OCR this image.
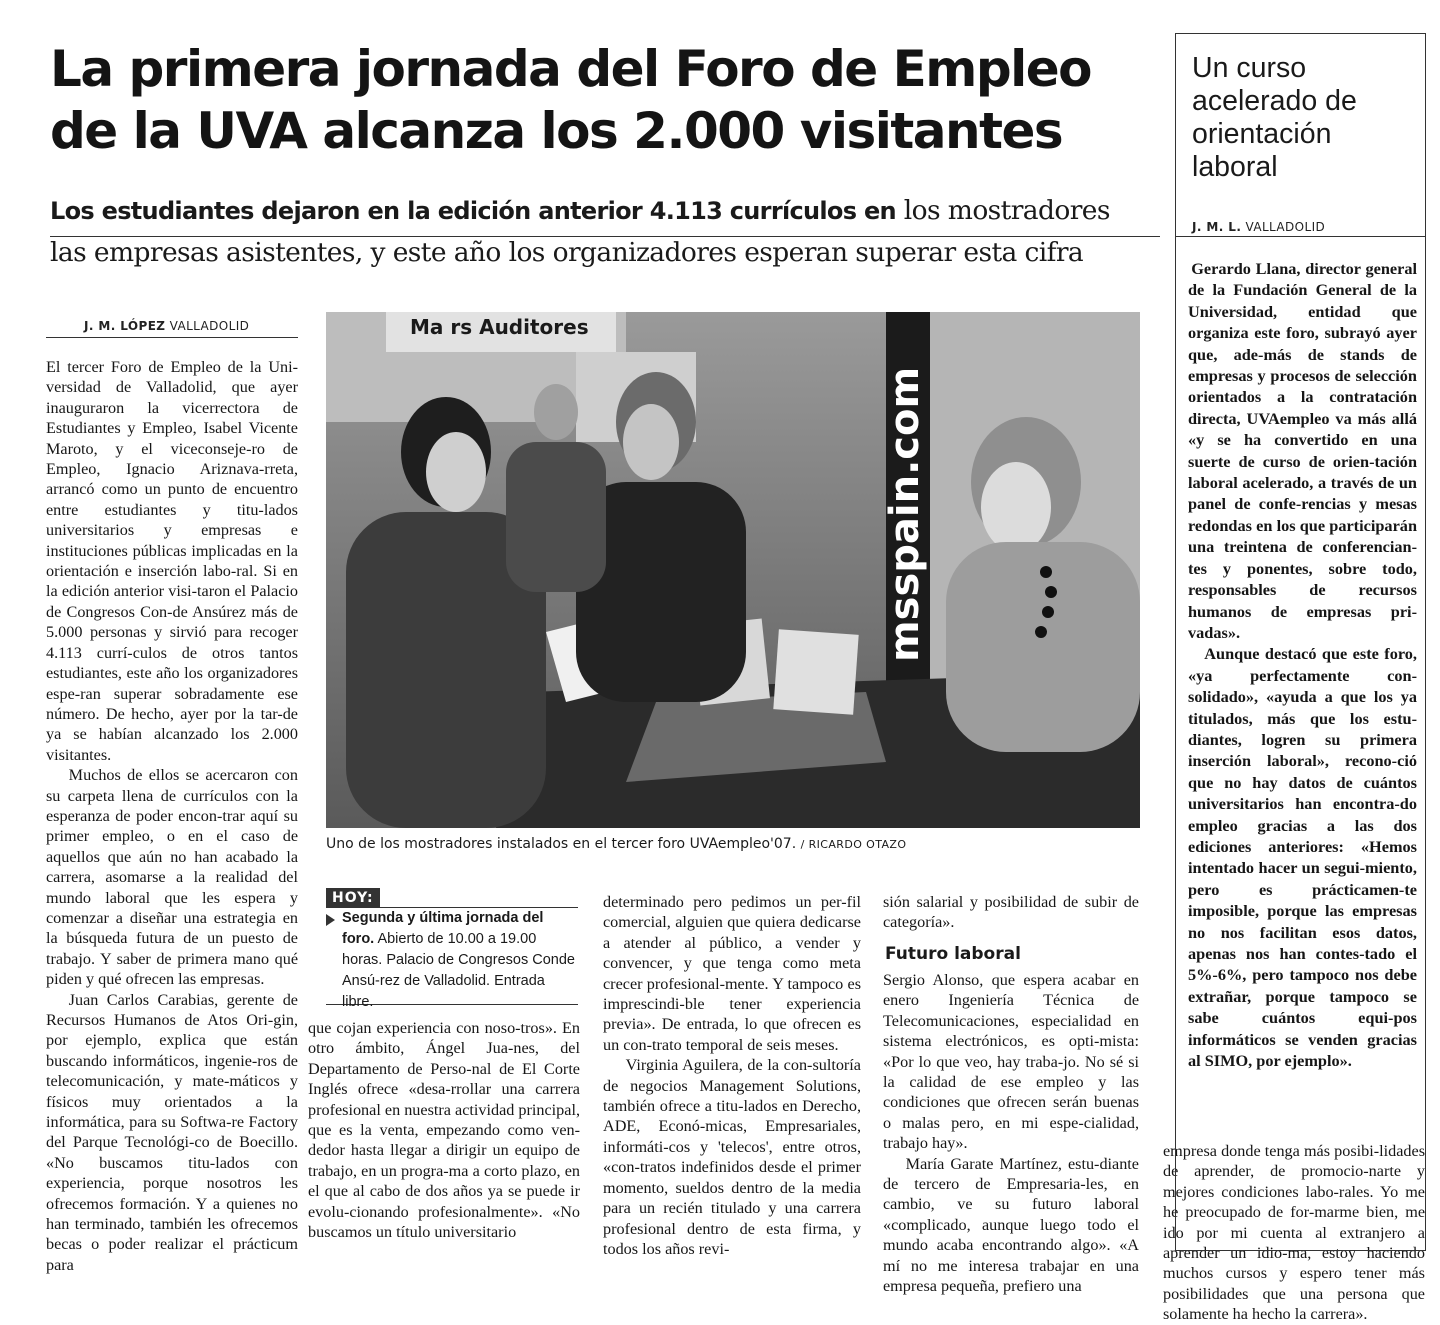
La primera jornada del Foro de Empleo
de la UVA alcanza los 2.000 visitantes
Los estudiantes dejaron en la edición anterior 4.113 currículos en los mostradores
las empresas asistentes, y este año los organizadores esperan superar esta cifra
J. M. LÓPEZ VALLADOLID

El tercer Foro de Empleo de la Uni-versidad de Valladolid, que ayer inauguraron la vicerrectora de Estudiantes y Empleo, Isabel Vicente Maroto, y el viceconseje-ro de Empleo, Ignacio Ariznava-rreta, arrancó como un punto de encuentro entre estudiantes y titu-lados universitarios y empresas e instituciones públicas implicadas en la orientación e inserción labo-ral. Si en la edición anterior visi-taron el Palacio de Congresos Con-de Ansúrez más de 5.000 personas y sirvió para recoger 4.113 currí-culos de otros tantos estudiantes, este año los organizadores espe-ran superar sobradamente ese número. De hecho, ayer por la tar-de ya se habían alcanzado los 2.000 visitantes.

Muchos de ellos se acercaron con su carpeta llena de currículos con la esperanza de poder encon-trar aquí su primer empleo, o en el caso de aquellos que aún no han acabado la carrera, asomarse a la realidad del mundo laboral que les espera y comenzar a diseñar una estrategia en la búsqueda futura de un puesto de trabajo. Y saber de primera mano qué piden y qué ofrecen las empresas.

Juan Carlos Carabias, gerente de Recursos Humanos de Atos Ori-gin, por ejemplo, explica que están buscando informáticos, ingenie-ros de telecomunicación, y mate-máticos y físicos muy orientados a la informática, para su Softwa-re Factory del Parque Tecnológi-co de Boecillo. «No buscamos titu-lados con experiencia, porque nosotros les ofrecemos formación. Y a quienes no han terminado, también les ofrecemos becas o poder realizar el prácticum para

Ma rs Auditores
msspain.com
Uno de los mostradores instalados en el tercer foro UVAempleo'07. / RICARDO OTAZO
HOY:
Segunda y última jornada del foro. Abierto de 10.00 a 19.00 horas. Palacio de Congresos Conde Ansú-rez de Valladolid. Entrada libre.

que cojan experiencia con noso-tros». En otro ámbito, Ángel Jua-nes, del Departamento de Perso-nal de El Corte Inglés ofrece «desa-rrollar una carrera profesional en nuestra actividad principal, que es la venta, empezando como ven-dedor hasta llegar a dirigir un equipo de trabajo, en un progra-ma a corto plazo, en el que al cabo de dos años ya se puede ir evolu-cionando profesionalmente». «No buscamos un título universitario

determinado pero pedimos un per-fil comercial, alguien que quiera dedicarse a atender al público, a vender y convencer, y que tenga como meta crecer profesional-mente. Y tampoco es imprescindi-ble tener experiencia previa». De entrada, lo que ofrecen es un con-trato temporal de seis meses.

Virginia Aguilera, de la con-sultoría de negocios Management Solutions, también ofrece a titu-lados en Derecho, ADE, Econó-micas, Empresariales, informáti-cos y 'telecos', entre otros, «con-tratos indefinidos desde el primer momento, sueldos dentro de la media para un recién titulado y una carrera profesional dentro de esta firma, y todos los años revi-

sión salarial y posibilidad de subir de categoría».

Futuro laboral

Sergio Alonso, que espera acabar en enero Ingeniería Técnica de Telecomunicaciones, especialidad en sistema electrónicos, es opti-mista: «Por lo que veo, hay traba-jo. No sé si la calidad de ese empleo y las condiciones que ofrecen serán buenas o malas pero, en mi espe-cialidad, trabajo hay».

María Garate Martínez, estu-diante de tercero de Empresaria-les, en cambio, ve su futuro laboral «complicado, aunque luego todo el mundo acaba encontrando algo». «A mí no me interesa trabajar en una empresa pequeña, prefiero una

empresa donde tenga más posibi-lidades de aprender, de promocio-narte y mejores condiciones labo-rales. Yo me he preocupado de for-marme bien, me ido por mi cuenta al extranjero a aprender un idio-ma, estoy haciendo muchos cursos y espero tener más posibilidades que una persona que solamente ha hecho la carrera».

Un curso
acelerado de
orientación
laboral
J. M. L. VALLADOLID

Gerardo Llana, director general de la Fundación General de la Universidad, entidad que organiza este foro, subrayó ayer que, ade-más de stands de empresas y procesos de selección orientados a la contratación directa, UVAempleo va más allá «y se ha convertido en una suerte de curso de orien-tación laboral acelerado, a través de un panel de confe-rencias y mesas redondas en los que participarán una treintena de conferencian-tes y ponentes, sobre todo, responsables de recursos humanos de empresas pri-vadas».

Aunque destacó que este foro, «ya perfectamente con-solidado», «ayuda a que los ya titulados, más que los estu-diantes, logren su primera inserción laboral», recono-ció que no hay datos de cuántos universitarios han encontra-do empleo gracias a las dos ediciones anteriores: «Hemos intentado hacer un segui-miento, pero es prácticamen-te imposible, porque las empresas no nos facilitan esos datos, apenas nos han contes-tado el 5%-6%, pero tampoco nos debe extrañar, porque tampoco se sabe cuántos equi-pos informáticos se venden gracias al SIMO, por ejemplo».
